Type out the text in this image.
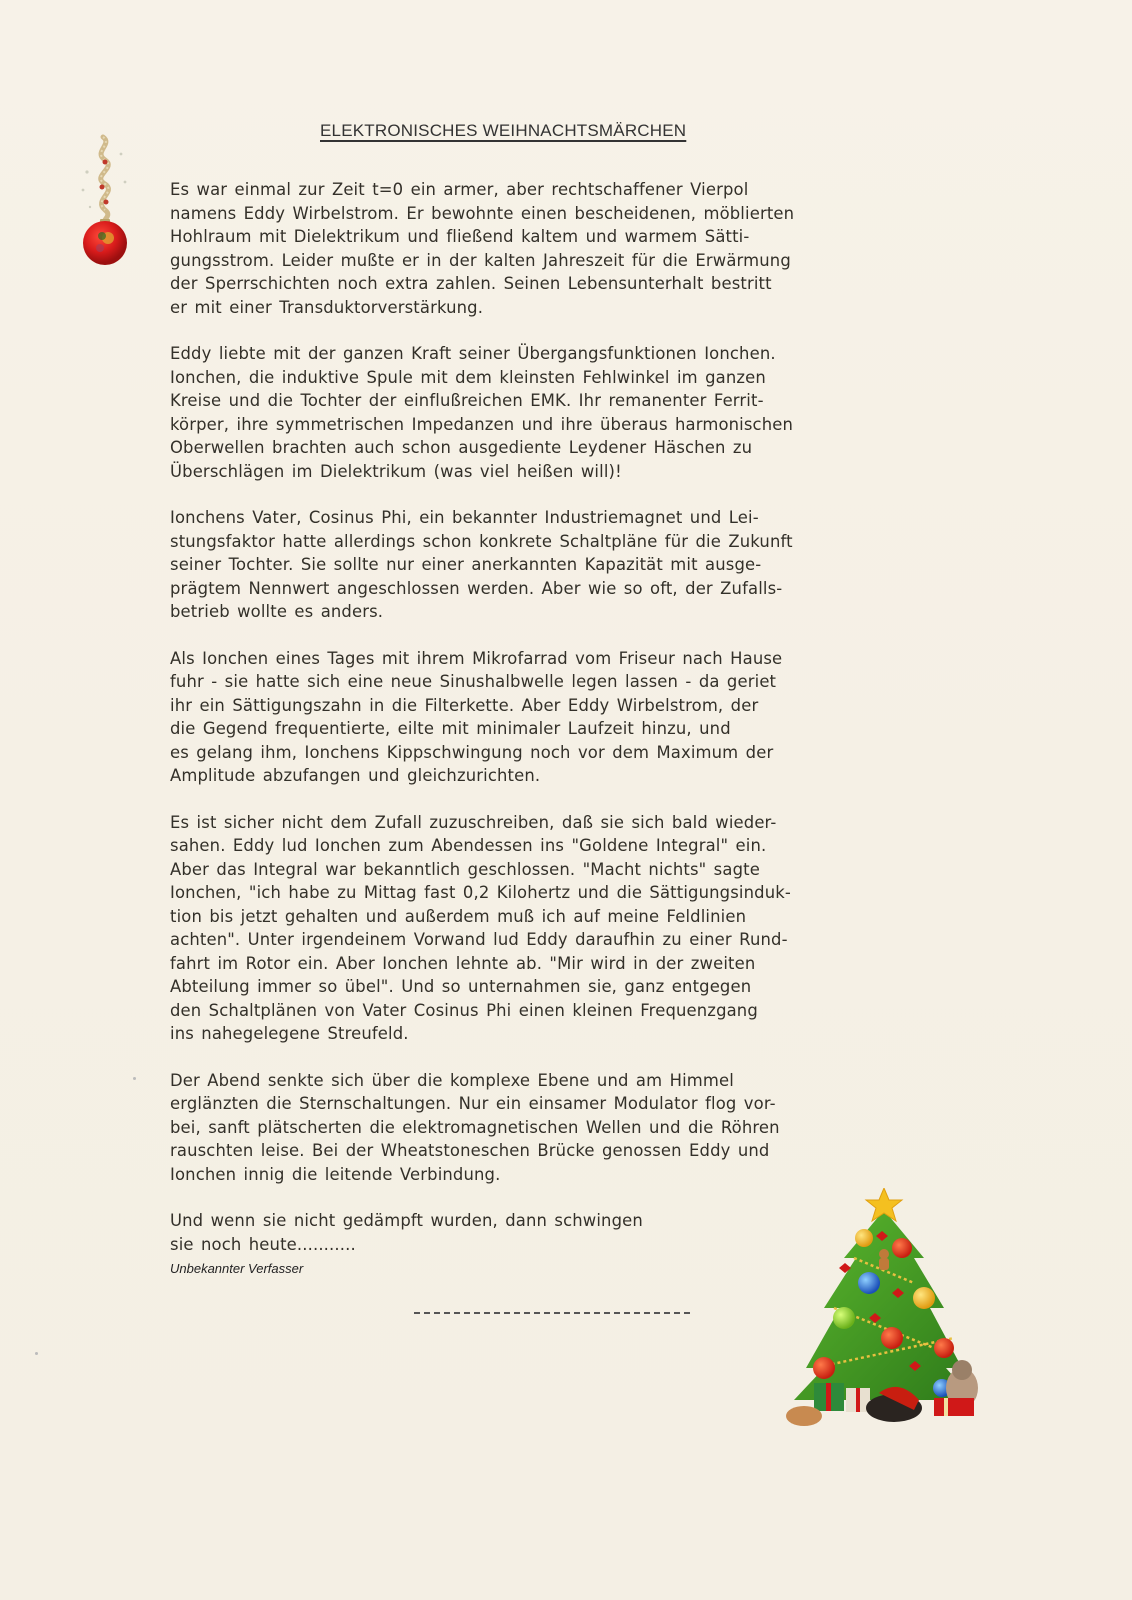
ELEKTRONISCHES WEIHNACHTSMÄRCHEN
Es war einmal zur Zeit t=0 ein armer, aber rechtschaffener Vierpol
namens Eddy Wirbelstrom. Er bewohnte einen bescheidenen, möblierten
Hohlraum mit Dielektrikum und fließend kaltem und warmem Sätti-
gungsstrom. Leider mußte er in der kalten Jahreszeit für die Erwärmung
der Sperrschichten noch extra zahlen. Seinen Lebensunterhalt bestritt
er mit einer Transduktorverstärkung.
Eddy liebte mit der ganzen Kraft seiner Übergangsfunktionen Ionchen.
Ionchen, die induktive Spule mit dem kleinsten Fehlwinkel im ganzen
Kreise und die Tochter der einflußreichen EMK. Ihr remanenter Ferrit-
körper, ihre symmetrischen Impedanzen und ihre überaus harmonischen
Oberwellen brachten auch schon ausgediente Leydener Häschen zu
Überschlägen im Dielektrikum (was viel heißen will)!
Ionchens Vater, Cosinus Phi, ein bekannter Industriemagnet und Lei-
stungsfaktor hatte allerdings schon konkrete Schaltpläne für die Zukunft
seiner Tochter. Sie sollte nur einer anerkannten Kapazität mit ausge-
prägtem Nennwert angeschlossen werden. Aber wie so oft, der Zufalls-
betrieb wollte es anders.
Als Ionchen eines Tages mit ihrem Mikrofarrad vom Friseur nach Hause
fuhr - sie hatte sich eine neue Sinushalbwelle legen lassen - da geriet
ihr ein Sättigungszahn in die Filterkette. Aber Eddy Wirbelstrom, der
die Gegend frequentierte, eilte mit minimaler Laufzeit hinzu, und
es gelang ihm, Ionchens Kippschwingung noch vor dem Maximum der
Amplitude abzufangen und gleichzurichten.
Es ist sicher nicht dem Zufall zuzuschreiben, daß sie sich bald wieder-
sahen. Eddy lud Ionchen zum Abendessen ins "Goldene Integral" ein.
Aber das Integral war bekanntlich geschlossen. "Macht nichts" sagte
Ionchen, "ich habe zu Mittag fast 0,2 Kilohertz und die Sättigungsinduk-
tion bis jetzt gehalten und außerdem muß ich auf meine Feldlinien
achten". Unter irgendeinem Vorwand lud Eddy daraufhin zu einer Rund-
fahrt im Rotor ein. Aber Ionchen lehnte ab. "Mir wird in der zweiten
Abteilung immer so übel". Und so unternahmen sie, ganz entgegen
den Schaltplänen von Vater Cosinus Phi einen kleinen Frequenzgang
ins nahegelegene Streufeld.
Der Abend senkte sich über die komplexe Ebene und am Himmel
erglänzten die Sternschaltungen. Nur ein einsamer Modulator flog vor-
bei, sanft plätscherten die elektromagnetischen Wellen und die Röhren
rauschten leise. Bei der Wheatstoneschen Brücke genossen Eddy und
Ionchen innig die leitende Verbindung.
Und wenn sie nicht gedämpft wurden, dann schwingen
sie noch heute...........
Unbekannter Verfasser
